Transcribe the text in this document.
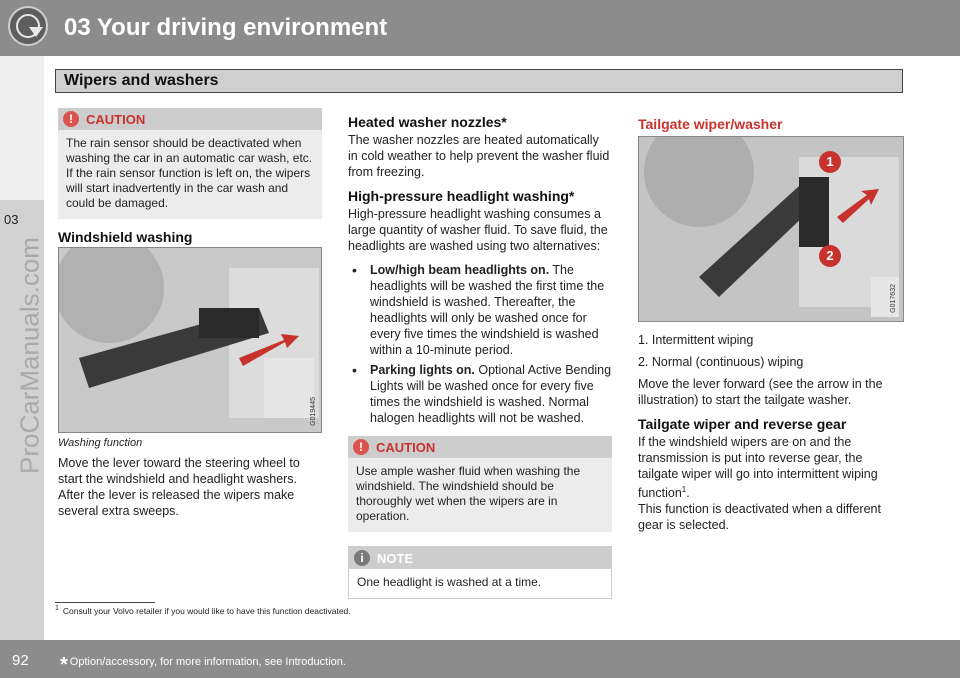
03 Your driving environment
Wipers and washers
03
ProCarManuals.com
!	CAUTION

The rain sensor should be deactivated when washing the car in an automatic car wash, etc. If the rain sensor function is left on, the wipers will start inadvertently in the car wash and could be damaged.

Windshield washing
G019445
Washing function

Move the lever toward the steering wheel to start the windshield and headlight washers. After the lever is released the wipers make several extra sweeps.

Heated washer nozzles*

The washer nozzles are heated automatically in cold weather to help prevent the washer fluid from freezing.

High-pressure headlight washing*

High-pressure headlight washing consumes a large quantity of washer fluid. To save fluid, the headlights are washed using two alternatives:

• Low/high beam headlights on. The headlights will be washed the first time the windshield is washed. Thereafter, the headlights will only be washed once for every five times the windshield is washed within a 10-minute period.
• Parking lights on. Optional Active Bending Lights will be washed once for every five times the windshield is washed. Normal halogen headlights will not be washed.
!	CAUTION

Use ample washer fluid when washing the windshield. The windshield should be thoroughly wet when the wipers are in operation.

i	NOTE

One headlight is washed at a time.

Tailgate wiper/washer
1
2
G017632
1. Intermittent wiping
2. Normal (continuous) wiping

Move the lever forward (see the arrow in the illustration) to start the tailgate washer.

Tailgate wiper and reverse gear

If the windshield wipers are on and the transmission is put into reverse gear, the tailgate wiper will go into intermittent wiping function$^1$.

This function is deactivated when a different gear is selected.

$^1$ Consult your Volvo retailer if you would like to have this function deactivated.
92 * Option/accessory, for more information, see Introduction.
